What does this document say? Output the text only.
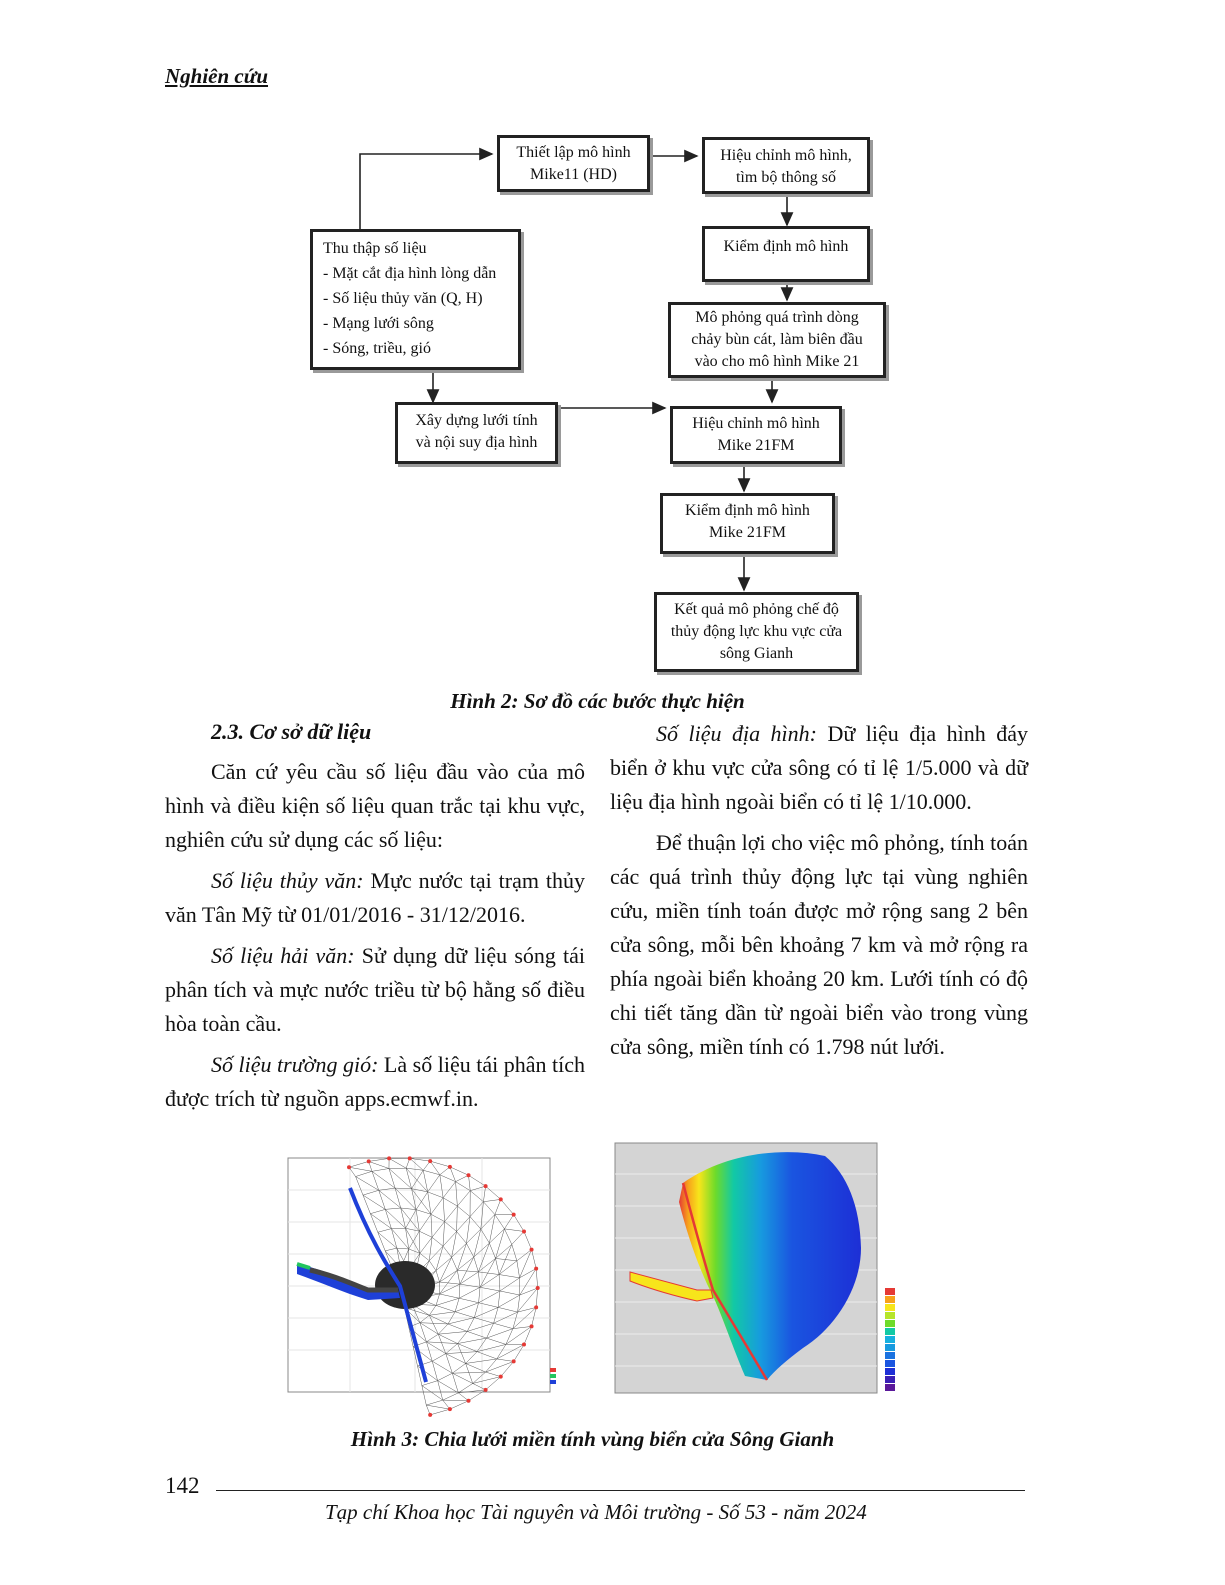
Nghiên cứu
Thiết lập mô hình
Mike11 (HD)
Hiệu chỉnh mô hình,
tìm bộ thông số
Kiểm định mô hình
Thu thập số liệu
- Mặt cắt địa hình lòng dẫn
- Số liệu thủy văn (Q, H)
- Mạng lưới sông
- Sóng, triều, gió
Mô phỏng quá trình dòng
chảy bùn cát, làm biên đầu
vào cho mô hình Mike 21
Xây dựng lưới tính
và nội suy địa hình
Hiệu chỉnh mô hình
Mike 21FM
Kiểm định mô hình
Mike 21FM
Kết quả mô phỏng chế độ
thủy động lực khu vực cửa
sông Gianh
Hình 2: Sơ đồ các bước thực hiện
2.3. Cơ sở dữ liệu

Căn cứ yêu cầu số liệu đầu vào của mô hình và điều kiện số liệu quan trắc tại khu vực, nghiên cứu sử dụng các số liệu:

Số liệu thủy văn: Mực nước tại trạm thủy văn Tân Mỹ từ 01/01/2016 - 31/12/2016.

Số liệu hải văn: Sử dụng dữ liệu sóng tái phân tích và mực nước triều từ bộ hằng số điều hòa toàn cầu.

Số liệu trường gió: Là số liệu tái phân tích được trích từ nguồn apps.ecmwf.in.

Số liệu địa hình: Dữ liệu địa hình đáy biển ở khu vực cửa sông có tỉ lệ 1/5.000 và dữ liệu địa hình ngoài biển có tỉ lệ 1/10.000.

Để thuận lợi cho việc mô phỏng, tính toán các quá trình thủy động lực tại vùng nghiên cứu, miền tính toán được mở rộng sang 2 bên cửa sông, mỗi bên khoảng 7 km và mở rộng ra phía ngoài biển khoảng 20 km. Lưới tính có độ chi tiết tăng dần từ ngoài biển vào trong vùng cửa sông, miền tính có 1.798 nút lưới.

Hình 3: Chia lưới miền tính vùng biển cửa Sông Gianh
142
Tạp chí Khoa học Tài nguyên và Môi trường - Số 53 - năm 2024
